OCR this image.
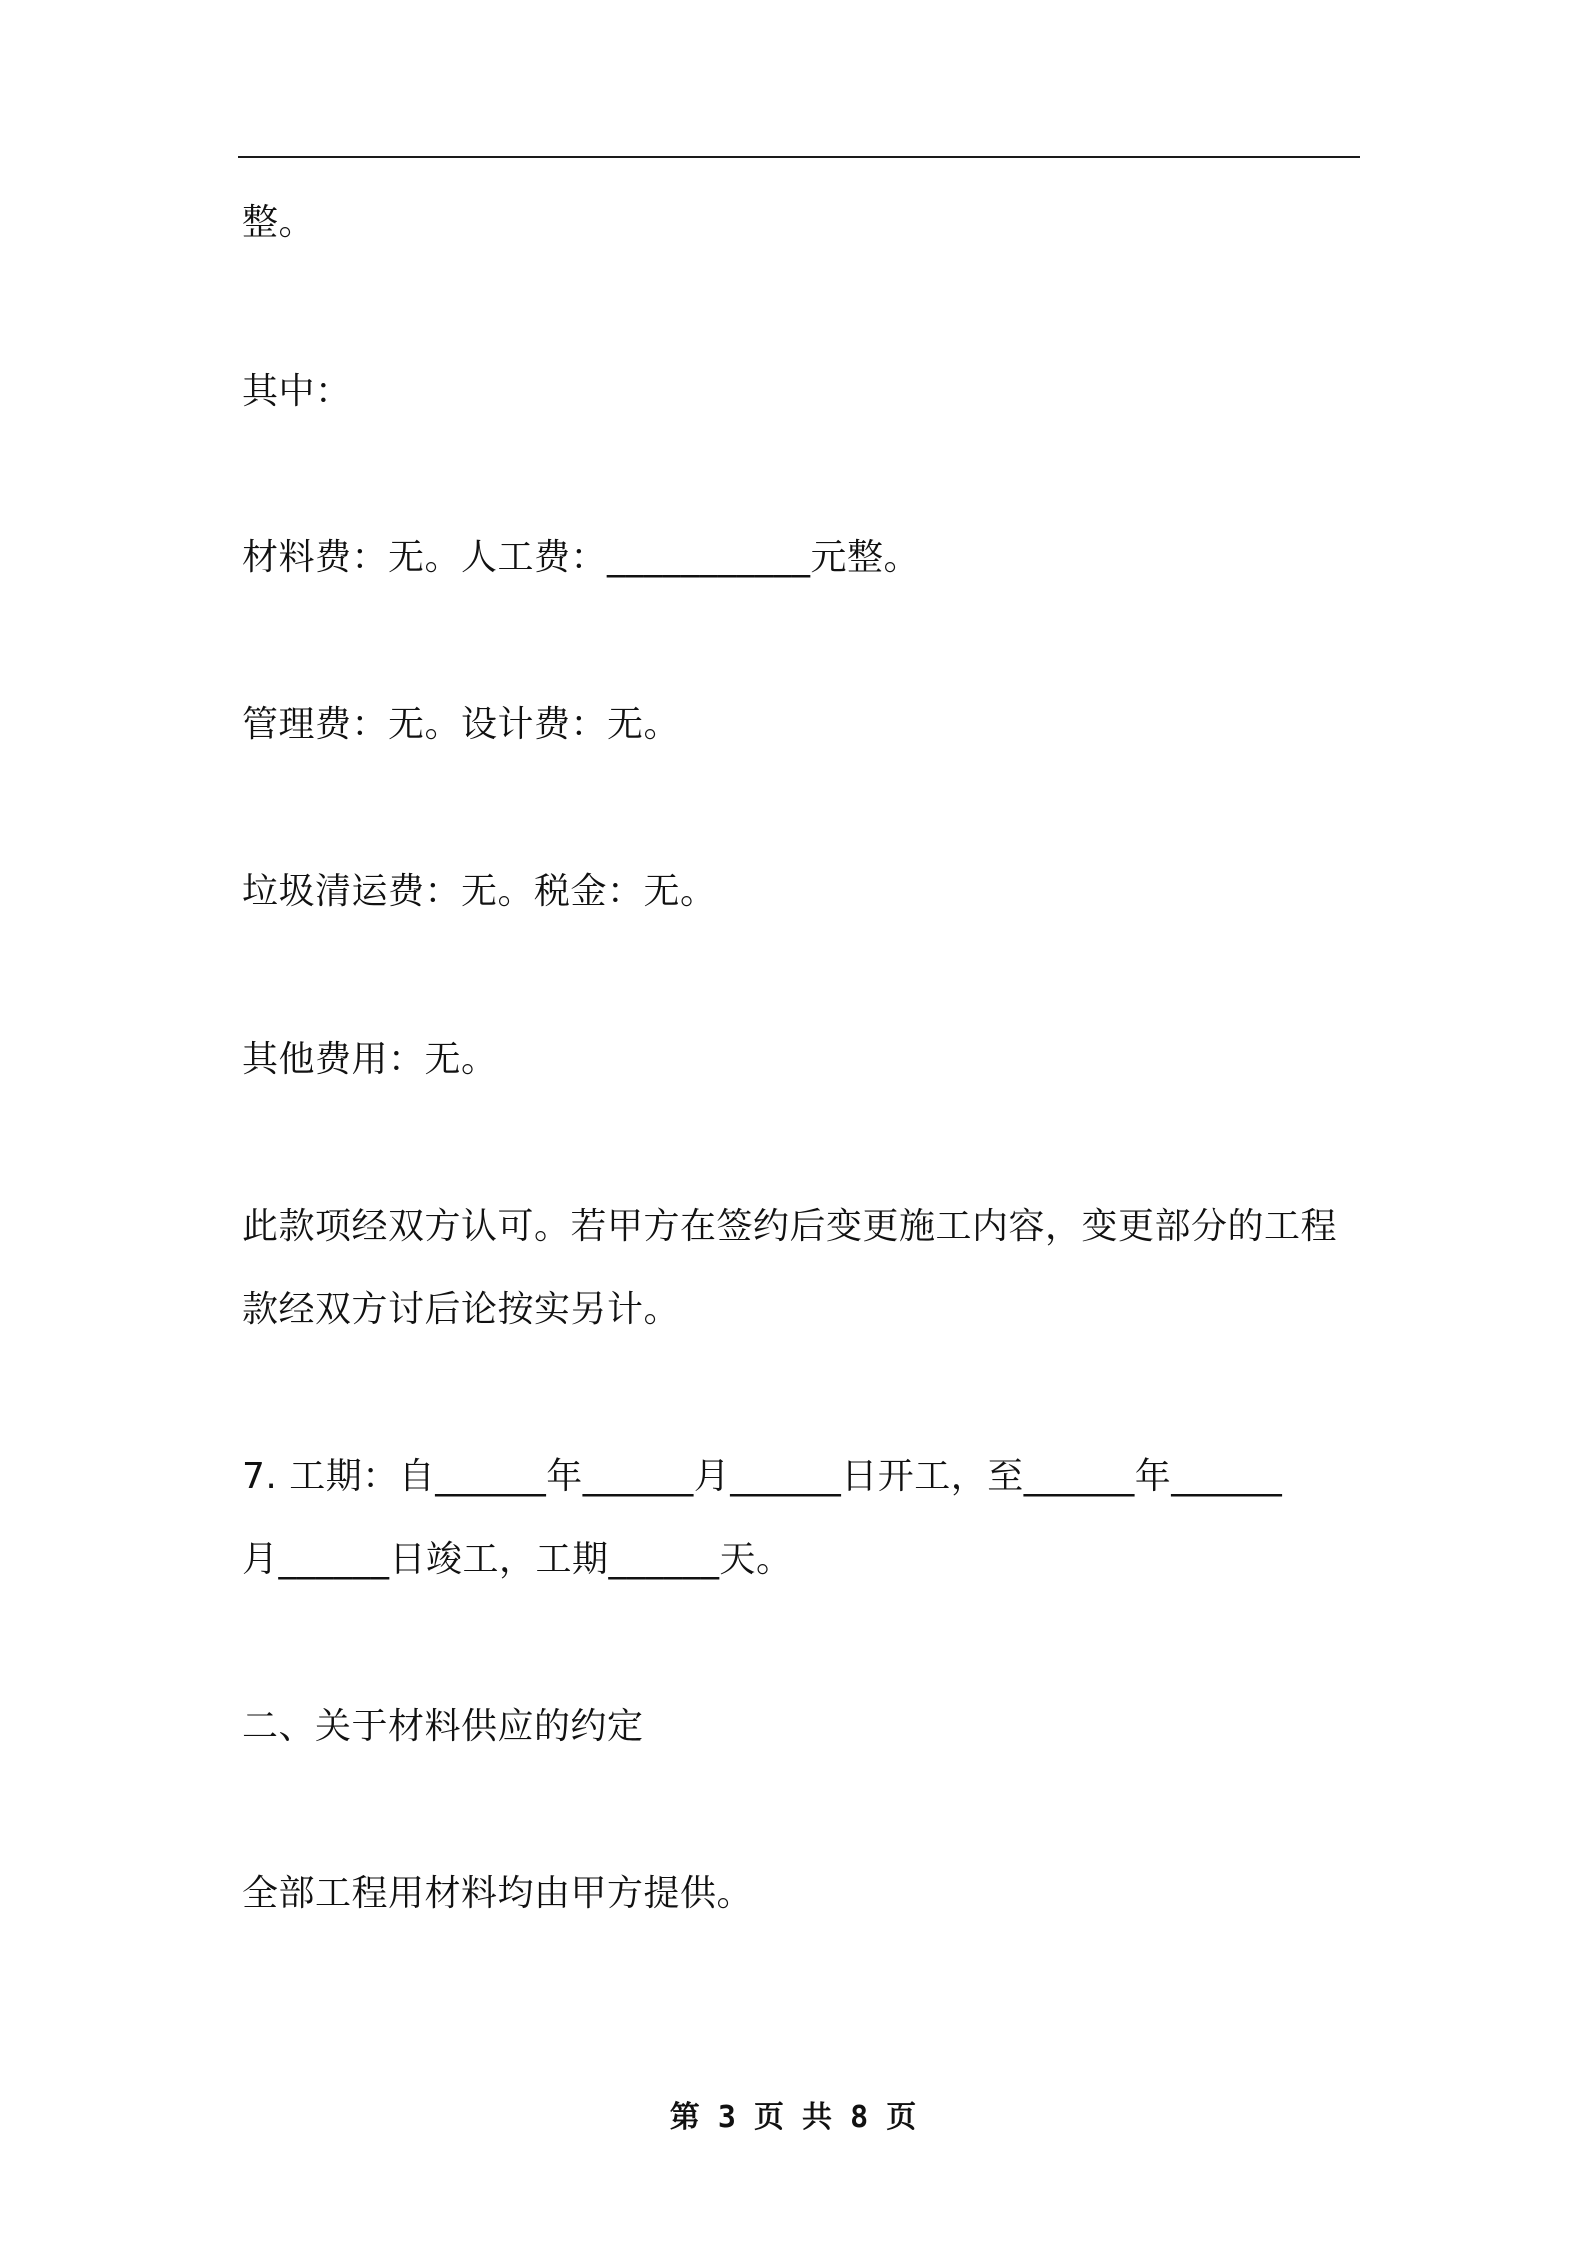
整。
其中：
材料费：无。人工费：___________元整。
管理费：无。设计费：无。
垃圾清运费：无。税金：无。
其他费用：无。
此款项经双方认可。若甲方在签约后变更施工内容，变更部分的工程
款经双方讨后论按实另计。
7. 工期：自______年______月______日开工，至______年______
月______日竣工，工期______天。
二、关于材料供应的约定
全部工程用材料均由甲方提供。
第 3 页 共 8 页
